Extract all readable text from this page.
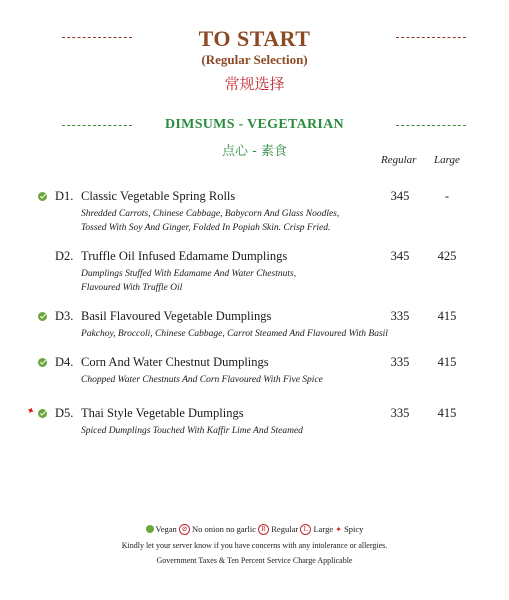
TO START
(Regular Selection)
常规选择
DIMSUMS - VEGETARIAN
点心 - 素食
Regular Large
D1. Classic Vegetable Spring Rolls	345	-
Shredded Carrots, Chinese Cabbage, Babycorn And Glass Noodles,
Tossed With Soy And Ginger, Folded In Popiah Skin. Crisp Fried.
D2. Truffle Oil Infused Edamame Dumplings	345	425
Dumplings Stuffed With Edamame And Water Chestnuts,
Flavoured With Truffle Oil
D3. Basil Flavoured Vegetable Dumplings	335	415
Pakchoy, Broccoli, Chinese Cabbage, Carrot Steamed And Flavoured With Basil
D4. Corn And Water Chestnut Dumplings	335	415
Chopped Water Chestnuts And Corn Flavoured With Five Spice
✦ D5. Thai Style Vegetable Dumplings	335	415
Spiced Dumplings Touched With Kaffir Lime And Steamed
Vegan ⊘ No onion no garlic R Regular L Large ✦ Spicy
Kindly let your server know if you have concerns with any intolerance or allergies.
Government Taxes & Ten Percent Service Charge Applicable
